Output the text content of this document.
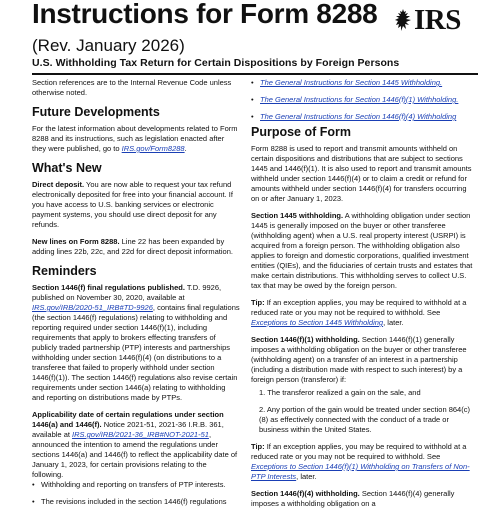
Instructions for Form 8288
(Rev. January 2026)
U.S. Withholding Tax Return for Certain Dispositions by Foreign Persons
IRS

Section references are to the Internal Revenue Code unless otherwise noted.

Future Developments

For the latest information about developments related to Form 8288 and its instructions, such as legislation enacted after they were published, go to IRS.gov/Form8288.

What's New

Direct deposit. You are now able to request your tax refund electronically deposited for free into your financial account. If you have access to U.S. banking services or electronic payment systems, you should use direct deposit for any refunds.

New lines on Form 8288. Line 22 has been expanded by adding lines 22b, 22c, and 22d for direct deposit information.

Reminders

Section 1446(f) final regulations published. T.D. 9926, published on November 30, 2020, available at IRS.gov/IRB/2020-51_IRB#TD-9926, contains final regulations (the section 1446(f) regulations) relating to withholding and reporting required under section 1446(f)(1), including requirements that apply to brokers effecting transfers of publicly traded partnership (PTP) interests and partnerships withholding under section 1446(f)(4) (on distributions to a transferee that failed to properly withhold under section 1446(f)(1)). The section 1446(f) regulations also revise certain requirements under section 1446(a) relating to withholding and reporting on distributions made by PTPs.

Applicability date of certain regulations under section 1446(a) and 1446(f). Notice 2021-51, 2021-36 I.R.B. 361, available at IRS.gov/IRB/2021-36_IRB#NOT-2021-51, announced the intention to amend the regulations under sections 1446(a) and 1446(f) to reflect the applicability date of January 1, 2023, for certain provisions relating to the following.

• Withholding and reporting on transfers of PTP interests.

• The revisions included in the section 1446(f) regulations

• The General Instructions for Section 1445 Withholding.

• The General Instructions for Section 1446(f)(1) Withholding.

• The General Instructions for Section 1446(f)(4) Withholding

Purpose of Form

Form 8288 is used to report and transmit amounts withheld on certain dispositions and distributions that are subject to sections 1445 and 1446(f)(1). It is also used to report and transmit amounts withheld under section 1446(f)(4) or to claim a credit or refund for amounts withheld under section 1446(f)(4) for transfers occurring on or after January 1, 2023.

Section 1445 withholding. A withholding obligation under section 1445 is generally imposed on the buyer or other transferee (withholding agent) when a U.S. real property interest (USRPI) is acquired from a foreign person. The withholding obligation also applies to foreign and domestic corporations, qualified investment entities (QIEs), and the fiduciaries of certain trusts and estates that make certain distributions. This withholding serves to collect U.S. tax that may be owed by the foreign person.

Tip: If an exception applies, you may be required to withhold at a reduced rate or you may not be required to withhold. See Exceptions to Section 1445 Withholding, later.

Section 1446(f)(1) withholding. Section 1446(f)(1) generally imposes a withholding obligation on the buyer or other transferee (withholding agent) on a transfer of an interest in a partnership (including a distribution made with respect to such interest) by a foreign person (transferor) if:

1. The transferor realized a gain on the sale, and

2. Any portion of the gain would be treated under section 864(c)(8) as effectively connected with the conduct of a trade or business within the United States.

Tip: If an exception applies, you may be required to withhold at a reduced rate or you may not be required to withhold. See Exceptions to Section 1446(f)(1) Withholding on Transfers of Non-PTP Interests, later.

Section 1446(f)(4) withholding. Section 1446(f)(4) generally imposes a withholding obligation on a
